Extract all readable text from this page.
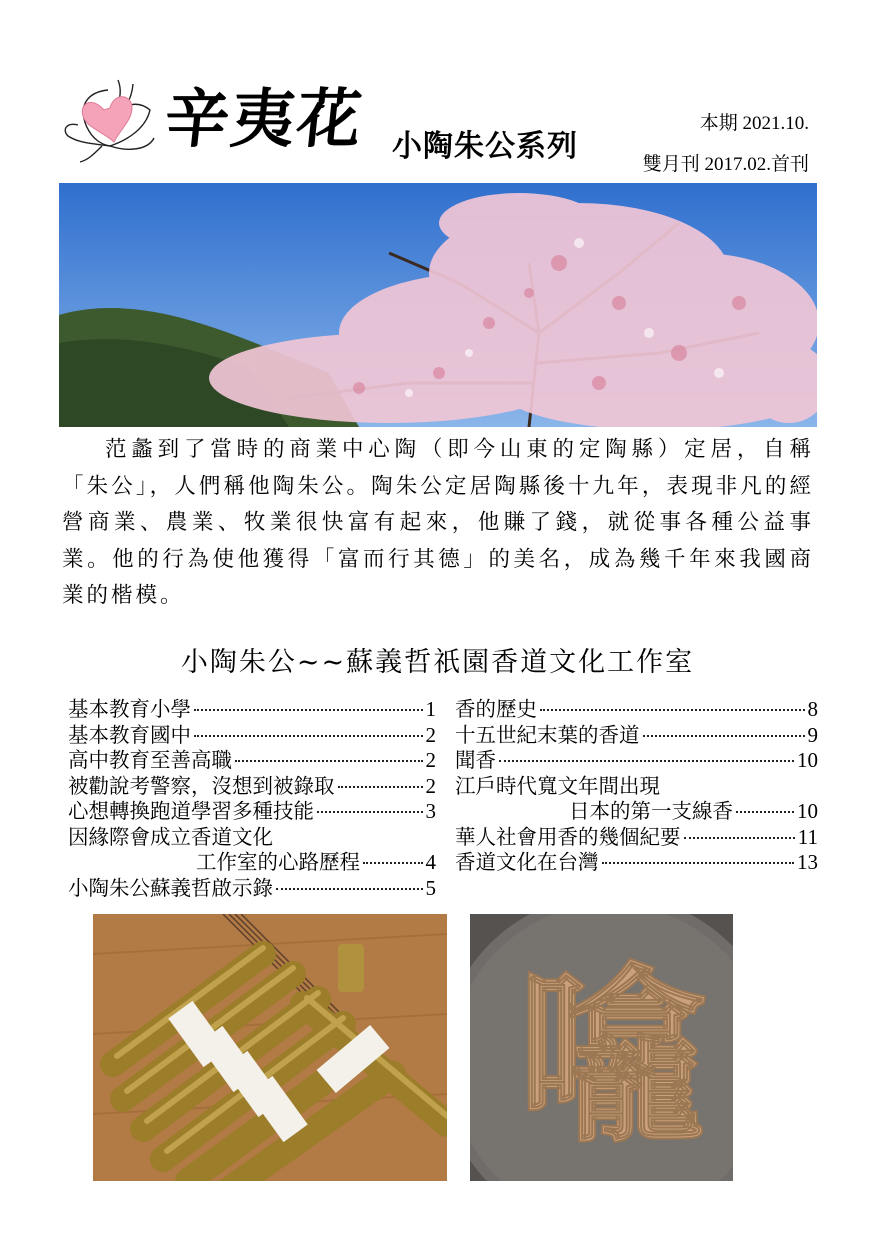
辛夷花 小陶朱公系列
本期 2021.10.
雙月刊 2017.02.首刊

范蠡到了當時的商業中心陶（即今山東的定陶縣）定居，自稱「朱公」，人們稱他陶朱公。陶朱公定居陶縣後十九年，表現非凡的經營商業、農業、牧業很快富有起來，他賺了錢，就從事各種公益事業。他的行為使他獲得「富而行其德」的美名，成為幾千年來我國商業的楷模。

小陶朱公~~蘇義哲祇園香道文化工作室
基本教育小學	1
基本教育國中	2
高中教育至善高職	2
被勸說考警察，沒想到被錄取	2
心想轉換跑道學習多種技能	3
因緣際會成立香道文化
工作室的心路歷程	4
小陶朱公蘇義哲啟示錄	5
香的歷史	8
十五世紀末葉的香道	9
聞香	10
江戶時代寬文年間出現
日本的第一支線香	10
華人社會用香的幾個紀要	11
香道文化在台灣	13
㘛
